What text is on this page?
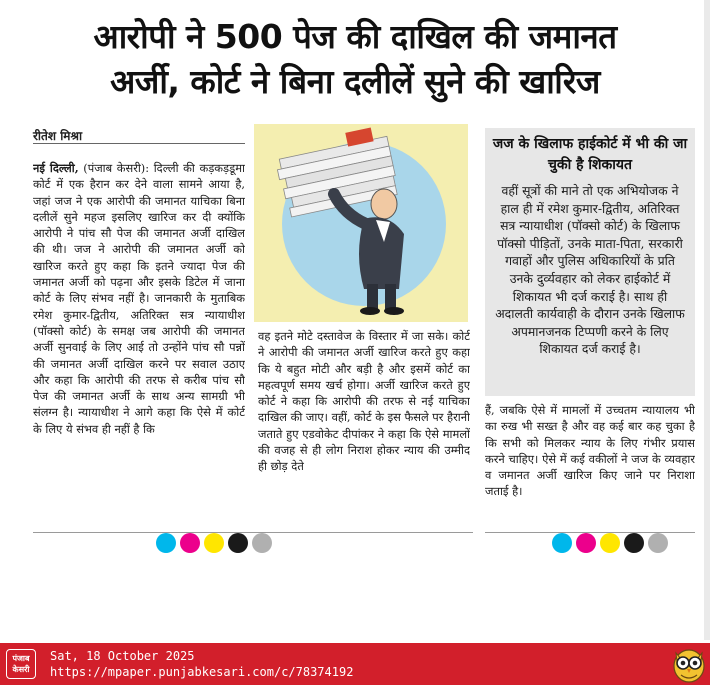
आरोपी ने 500 पेज की दाखिल की जमानत
अर्जी, कोर्ट ने बिना दलीलें सुने की खारिज
रीतेश मिश्रा
नई दिल्ली, (पंजाब केसरी): दिल्ली की कड़कड़डूमा कोर्ट में एक हैरान कर देने वाला सामने आया है, जहां जज ने एक आरोपी की जमानत याचिका बिना दलीलें सुने महज इसलिए खारिज कर दी क्योंकि आरोपी ने पांच सौ पेज की जमानत अर्जी दाखिल की थी। जज ने आरोपी की जमानत अर्जी को खारिज करते हुए कहा कि इतने ज्यादा पेज की जमानत अर्जी को पढ़ना और इसके डिटेल में जाना कोर्ट के लिए संभव नहीं है। जानकारी के मुताबिक रमेश कुमार-द्वितीय, अतिरिक्त सत्र न्यायाधीश (पॉक्सो कोर्ट) के समक्ष जब आरोपी की जमानत अर्जी सुनवाई के लिए आई तो उन्होंने पांच सौ पन्नों की जमानत अर्जी दाखिल करने पर सवाल उठाए और कहा कि आरोपी की तरफ से करीब पांच सौ पेज की जमानत अर्जी के साथ अन्य सामग्री भी संलग्न है। न्यायाधीश ने आगे कहा कि ऐसे में कोर्ट के लिए ये संभव ही नहीं है कि
वह इतने मोटे दस्तावेज के विस्तार में जा सके। कोर्ट ने आरोपी की जमानत अर्जी खारिज करते हुए कहा कि ये बहुत मोटी और बड़ी है और इसमें कोर्ट का महत्वपूर्ण समय खर्च होगा। अर्जी खारिज करते हुए कोर्ट ने कहा कि आरोपी की तरफ से नई याचिका दाखिल की जाए। वहीं, कोर्ट के इस फैसले पर हैरानी जताते हुए एडवोकेट दीपांकर ने कहा कि ऐसे मामलों की वजह से ही लोग निराश होकर न्याय की उम्मीद ही छोड़ देते
जज के खिलाफ हाईकोर्ट में भी की जा चुकी है शिकायत
वहीं सूत्रों की माने तो एक अभियोजक ने हाल ही में रमेश कुमार-द्वितीय, अतिरिक्त सत्र न्यायाधीश (पॉक्सो कोर्ट) के खिलाफ पॉक्सो पीड़ितों, उनके माता-पिता, सरकारी गवाहों और पुलिस अधिकारियों के प्रति उनके दुर्व्यवहार को लेकर हाईकोर्ट में शिकायत भी दर्ज कराई है। साथ ही अदालती कार्यवाही के दौरान उनके खिलाफ अपमानजनक टिप्पणी करने के लिए शिकायत दर्ज कराई है।
हैं, जबकि ऐसे में मामलों में उच्चतम न्यायालय भी का रुख भी सख्त है और वह कई बार कह चुका है कि सभी को मिलकर न्याय के लिए गंभीर प्रयास करने चाहिए। ऐसे में कई वकीलों ने जज के व्यवहार व जमानत अर्जी खारिज किए जाने पर निराशा जताई है।
पंजाब केसरी
Sat, 18 October 2025
https://mpaper.punjabkesari.com/c/78374192
